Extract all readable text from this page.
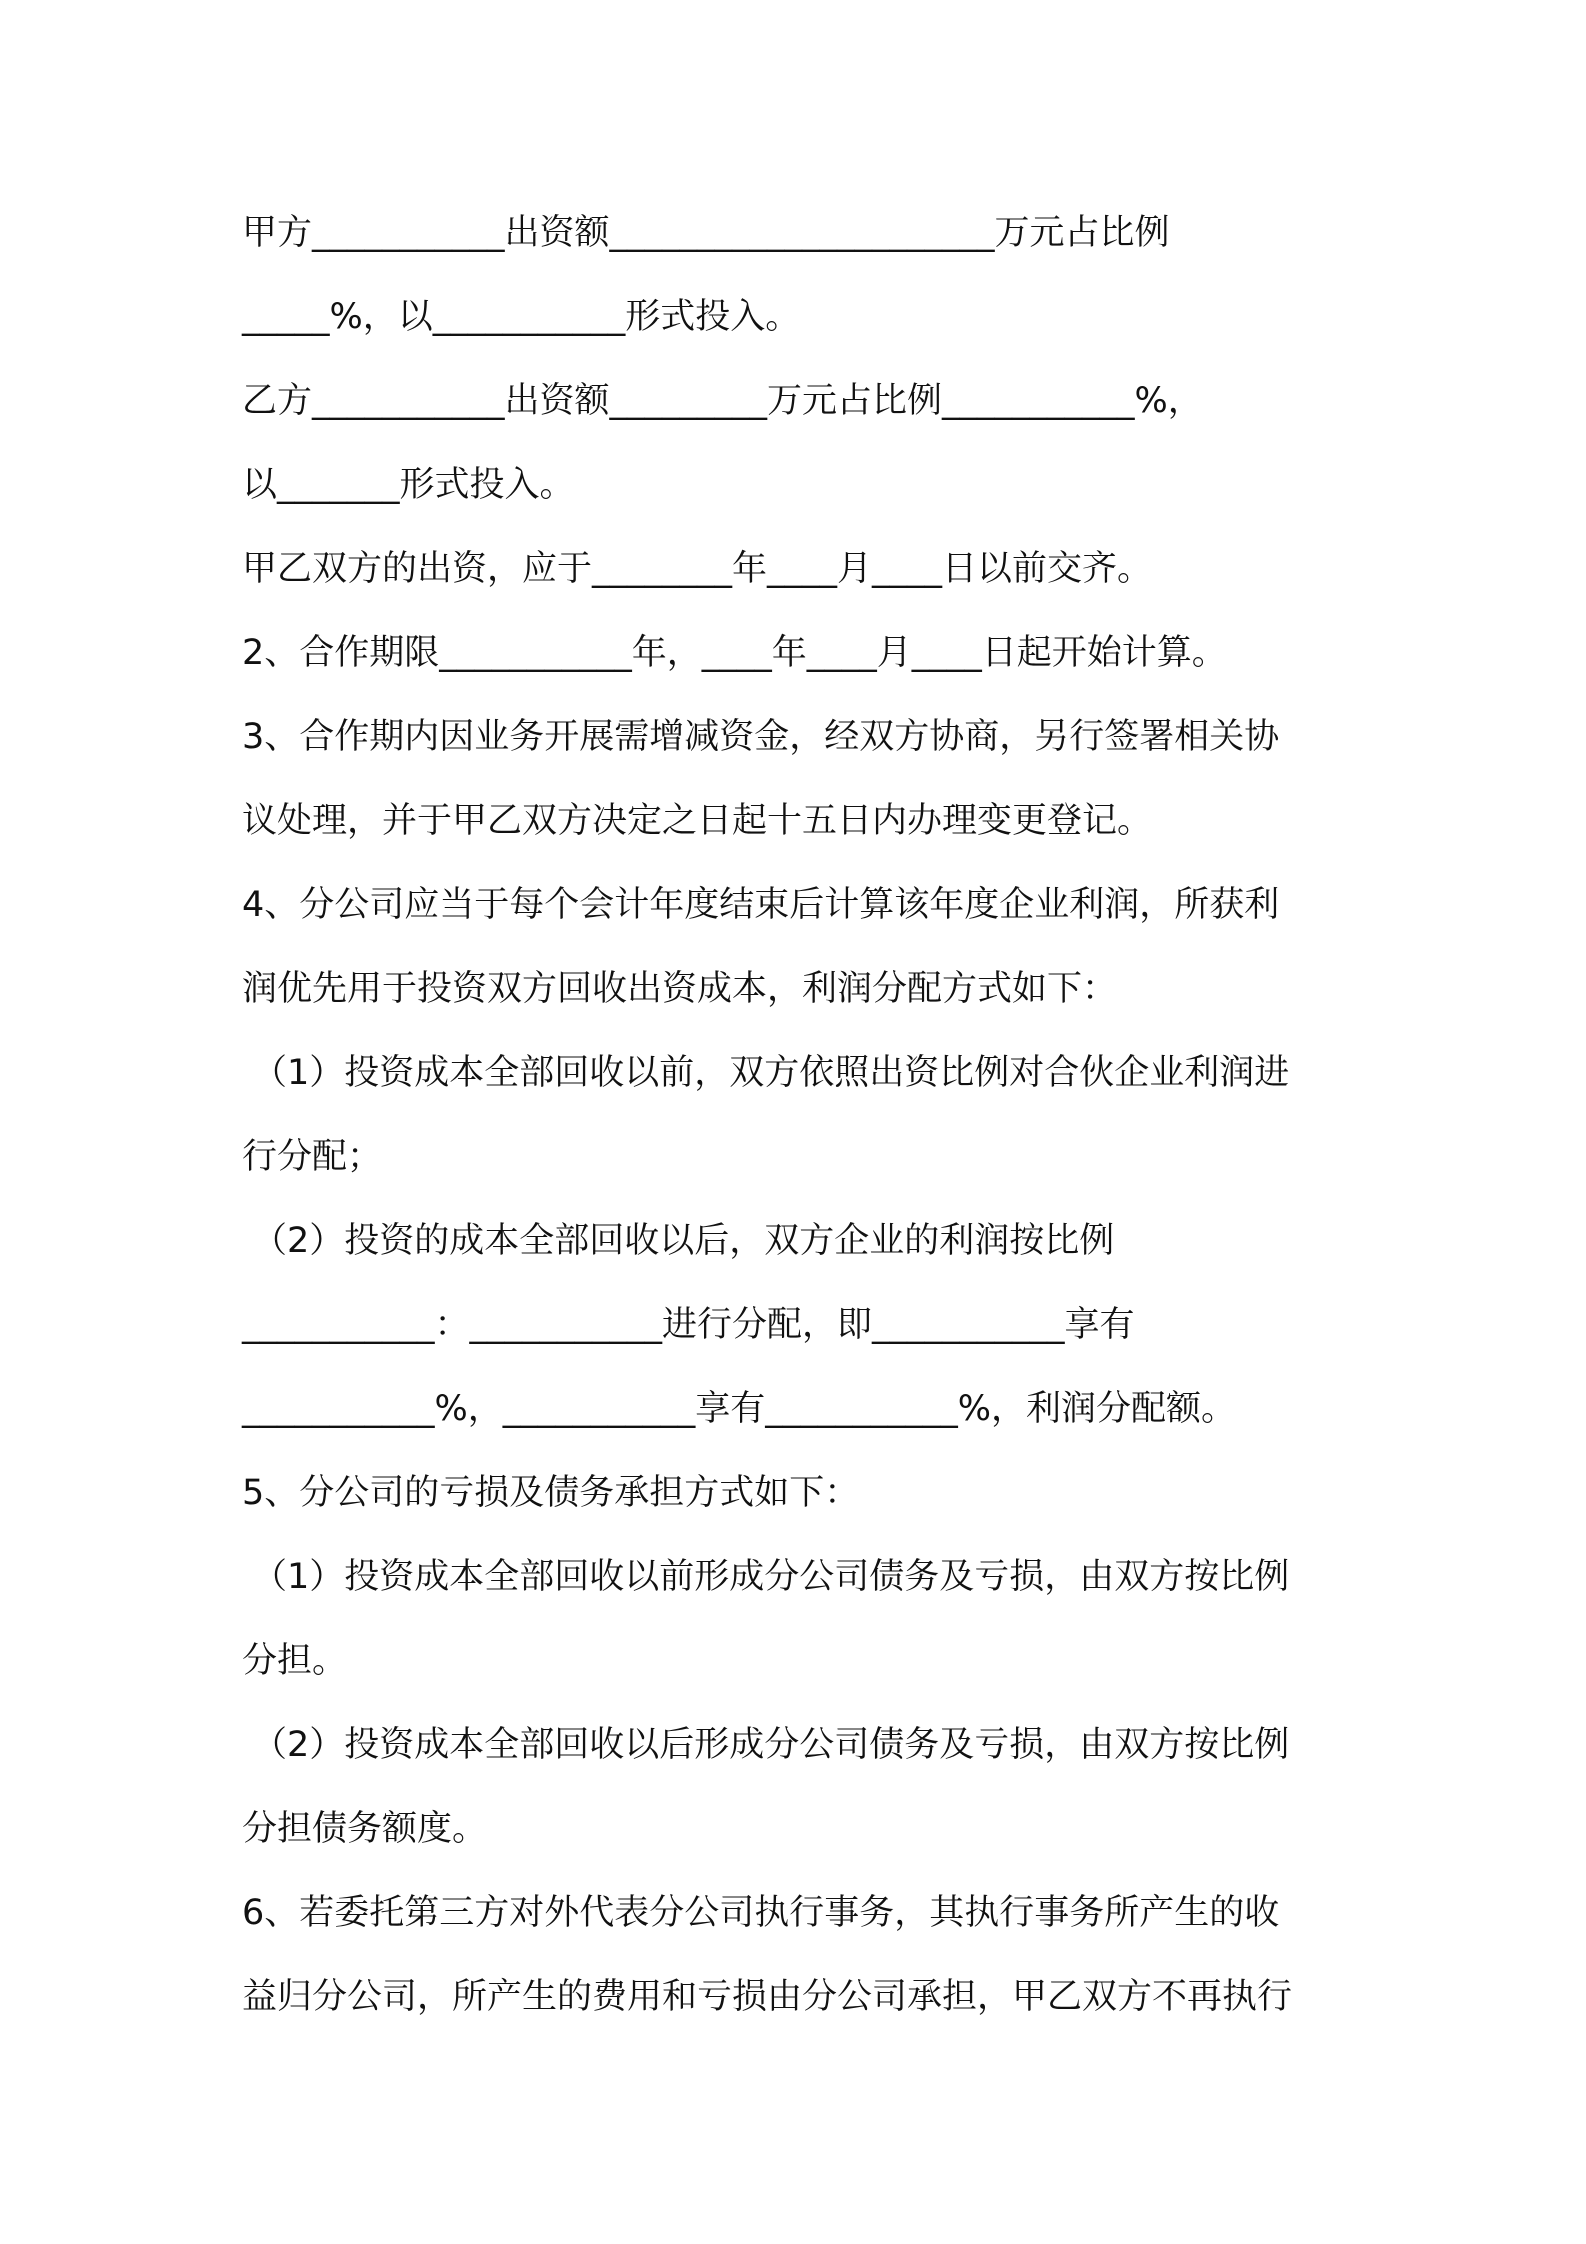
甲方___________出资额______________________万元占比例
_____%，以___________形式投入。
乙方___________出资额_________万元占比例___________%，
以_______形式投入。
甲乙双方的出资，应于________年____月____日以前交齐。
2、合作期限___________年，____年____月____日起开始计算。
3、合作期内因业务开展需增减资金，经双方协商，另行签署相关协
议处理，并于甲乙双方决定之日起十五日内办理变更登记。
4、分公司应当于每个会计年度结束后计算该年度企业利润，所获利
润优先用于投资双方回收出资成本，利润分配方式如下：
（1）投资成本全部回收以前，双方依照出资比例对合伙企业利润进
行分配；
（2）投资的成本全部回收以后，双方企业的利润按比例
___________：___________进行分配，即___________享有
___________%，___________享有___________%，利润分配额。
5、分公司的亏损及债务承担方式如下：
（1）投资成本全部回收以前形成分公司债务及亏损，由双方按比例
分担。
（2）投资成本全部回收以后形成分公司债务及亏损，由双方按比例
分担债务额度。
6、若委托第三方对外代表分公司执行事务，其执行事务所产生的收
益归分公司，所产生的费用和亏损由分公司承担，甲乙双方不再执行
